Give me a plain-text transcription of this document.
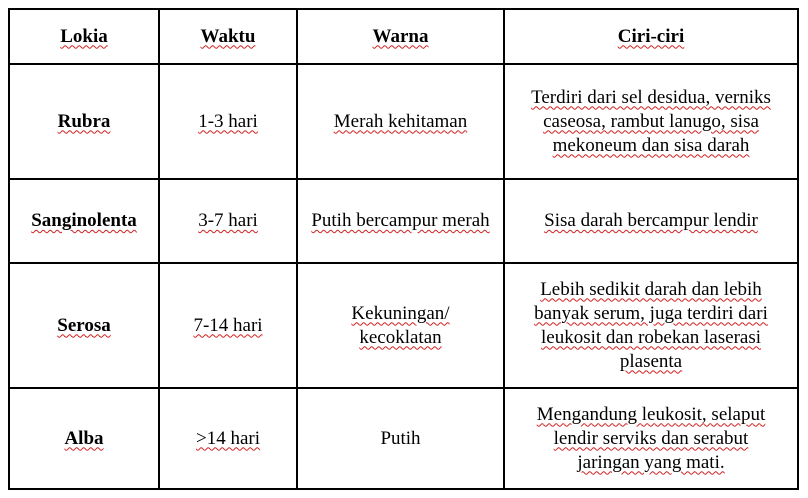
Lokia	Waktu	Warna	Ciri-ciri
Rubra	1-3 hari	Merah kehitaman	Terdiri dari sel desidua, verniks caseosa, rambut lanugo, sisa mekoneum dan sisa darah
Sanginolenta	3-7 hari	Putih bercampur merah	Sisa darah bercampur lendir
Serosa	7-14 hari	Kekuningan/ kecoklatan	Lebih sedikit darah dan lebih banyak serum, juga terdiri dari leukosit dan robekan laserasi plasenta
Alba	>14 hari	Putih	Mengandung leukosit, selaput lendir serviks dan serabut jaringan yang mati.
